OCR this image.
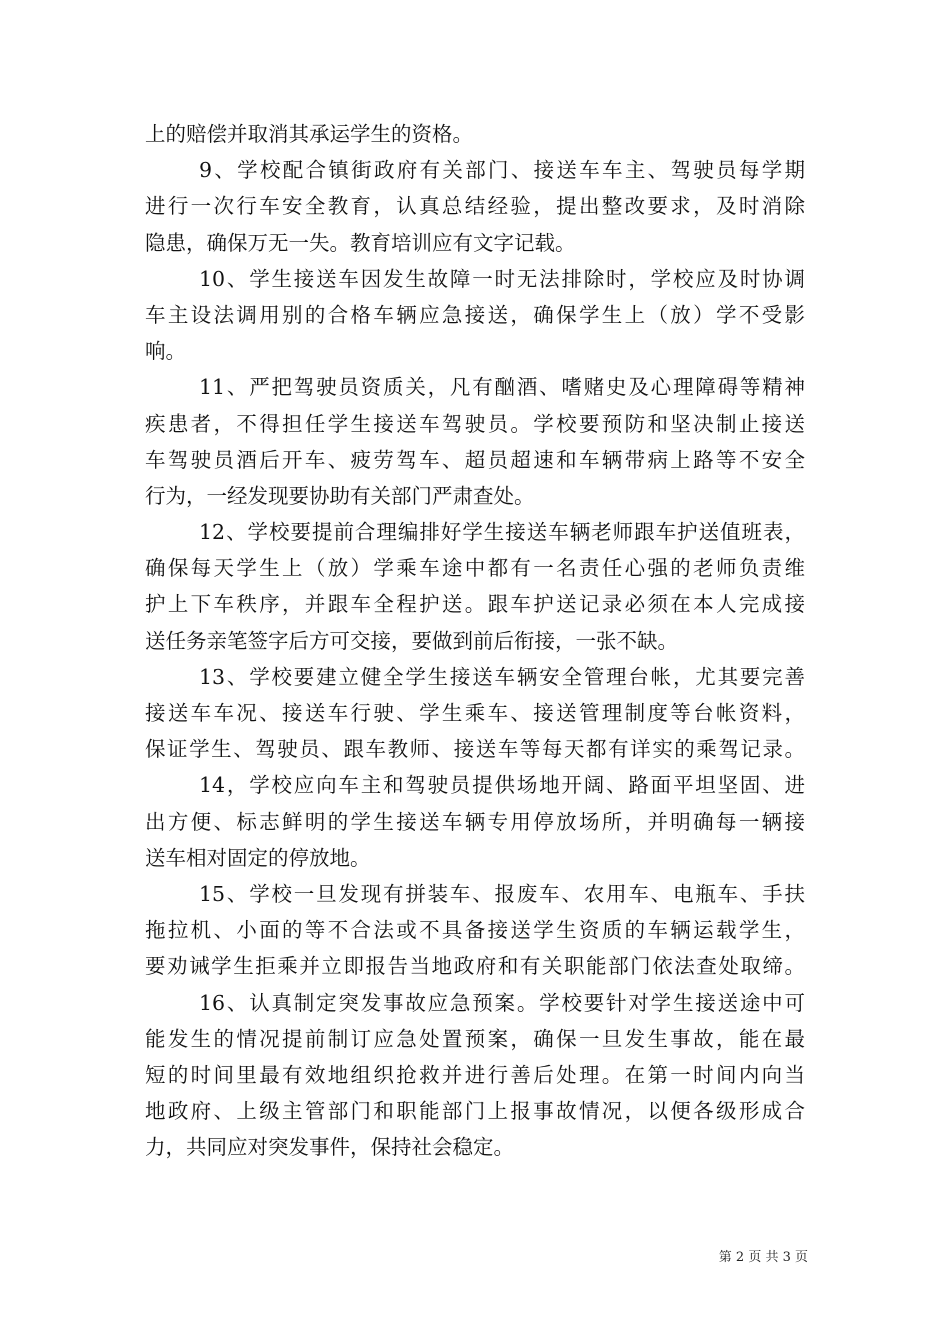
上的赔偿并取消其承运学生的资格。
9、学校配合镇街政府有关部门、接送车车主、驾驶员每学期
进行一次行车安全教育，认真总结经验，提出整改要求，及时消除
隐患，确保万无一失。教育培训应有文字记载。
10、学生接送车因发生故障一时无法排除时，学校应及时协调
车主设法调用别的合格车辆应急接送，确保学生上（放）学不受影
响。
11、严把驾驶员资质关，凡有酗酒、嗜赌史及心理障碍等精神
疾患者，不得担任学生接送车驾驶员。学校要预防和坚决制止接送
车驾驶员酒后开车、疲劳驾车、超员超速和车辆带病上路等不安全
行为，一经发现要协助有关部门严肃查处。
12、学校要提前合理编排好学生接送车辆老师跟车护送值班表，
确保每天学生上（放）学乘车途中都有一名责任心强的老师负责维
护上下车秩序，并跟车全程护送。跟车护送记录必须在本人完成接
送任务亲笔签字后方可交接，要做到前后衔接，一张不缺。
13、学校要建立健全学生接送车辆安全管理台帐，尤其要完善
接送车车况、接送车行驶、学生乘车、接送管理制度等台帐资料，
保证学生、驾驶员、跟车教师、接送车等每天都有详实的乘驾记录。
14，学校应向车主和驾驶员提供场地开阔、路面平坦坚固、进
出方便、标志鲜明的学生接送车辆专用停放场所，并明确每一辆接
送车相对固定的停放地。
15、学校一旦发现有拼装车、报废车、农用车、电瓶车、手扶
拖拉机、小面的等不合法或不具备接送学生资质的车辆运载学生，
要劝诫学生拒乘并立即报告当地政府和有关职能部门依法查处取缔。
16、认真制定突发事故应急预案。学校要针对学生接送途中可
能发生的情况提前制订应急处置预案，确保一旦发生事故，能在最
短的时间里最有效地组织抢救并进行善后处理。在第一时间内向当
地政府、上级主管部门和职能部门上报事故情况，以便各级形成合
力，共同应对突发事件，保持社会稳定。
第 2 页 共 3 页
